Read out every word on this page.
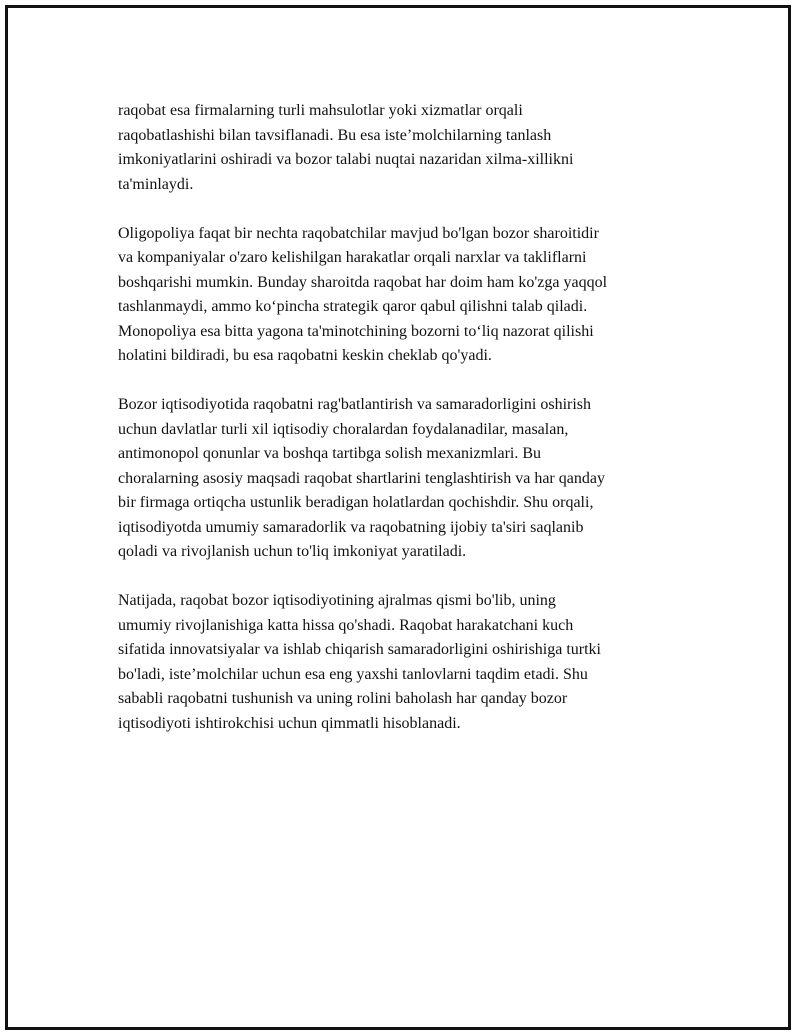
raqobat esa firmalarning turli mahsulotlar yoki xizmatlar orqali
raqobatlashishi bilan tavsiflanadi. Bu esa iste’molchilarning tanlash
imkoniyatlarini oshiradi va bozor talabi nuqtai nazaridan xilma-xillikni
ta'minlaydi.

Oligopoliya faqat bir nechta raqobatchilar mavjud bo'lgan bozor sharoitidir
va kompaniyalar o'zaro kelishilgan harakatlar orqali narxlar va takliflarni
boshqarishi mumkin. Bunday sharoitda raqobat har doim ham ko'zga yaqqol
tashlanmaydi, ammo ko‘pincha strategik qaror qabul qilishni talab qiladi.
Monopoliya esa bitta yagona ta'minotchining bozorni to‘liq nazorat qilishi
holatini bildiradi, bu esa raqobatni keskin cheklab qo'yadi.

Bozor iqtisodiyotida raqobatni rag'batlantirish va samaradorligini oshirish
uchun davlatlar turli xil iqtisodiy choralardan foydalanadilar, masalan,
antimonopol qonunlar va boshqa tartibga solish mexanizmlari. Bu
choralarning asosiy maqsadi raqobat shartlarini tenglashtirish va har qanday
bir firmaga ortiqcha ustunlik beradigan holatlardan qochishdir. Shu orqali,
iqtisodiyotda umumiy samaradorlik va raqobatning ijobiy ta'siri saqlanib
qoladi va rivojlanish uchun to'liq imkoniyat yaratiladi.

Natijada, raqobat bozor iqtisodiyotining ajralmas qismi bo'lib, uning
umumiy rivojlanishiga katta hissa qo'shadi. Raqobat harakatchani kuch
sifatida innovatsiyalar va ishlab chiqarish samaradorligini oshirishiga turtki
bo'ladi, iste’molchilar uchun esa eng yaxshi tanlovlarni taqdim etadi. Shu
sababli raqobatni tushunish va uning rolini baholash har qanday bozor
iqtisodiyoti ishtirokchisi uchun qimmatli hisoblanadi.
